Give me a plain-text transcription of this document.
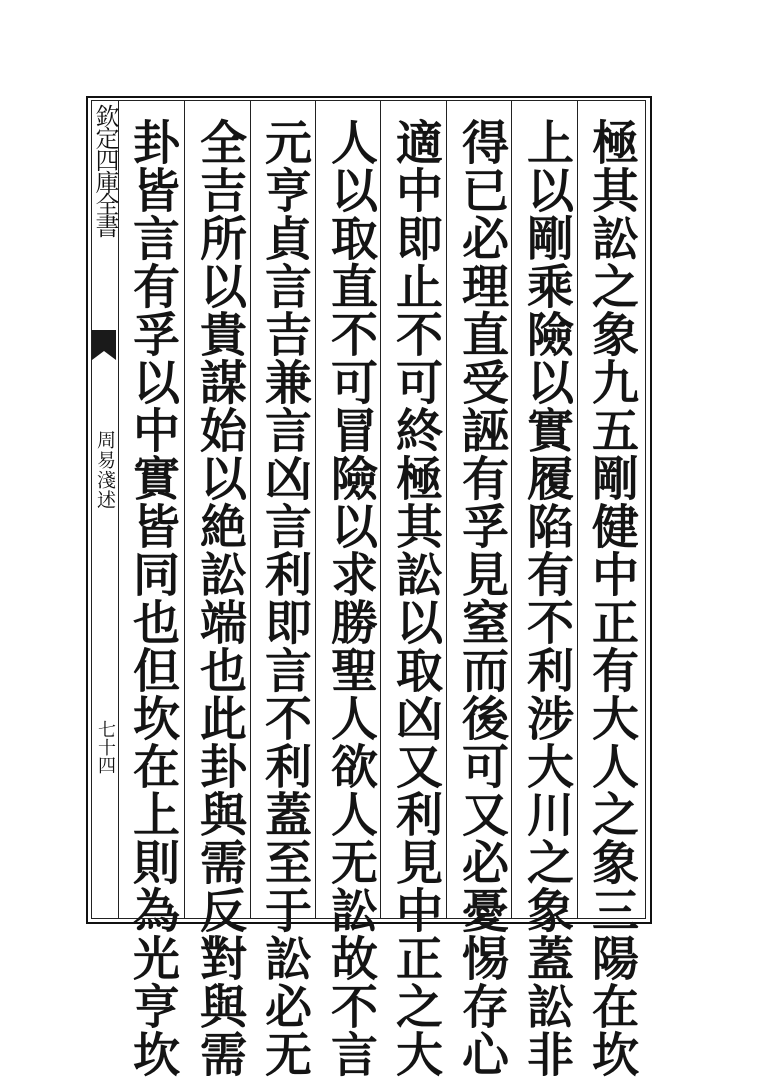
欽定四庫全書
周易淺述
七十四	極其訟之象九五剛健中正有大人之象三陽在坎
上以剛乘險以實履陷有不利涉大川之象蓋訟非
得已必理直受誣有孚見窒而後可又必憂惕存心
適中即止不可終極其訟以取凶又利見中正之大
人以取直不可冒險以求勝聖人欲人无訟故不言
元亨貞言吉兼言凶言利即言不利蓋至于訟必无
全吉所以貴謀始以絶訟端也此卦與需反對與需
卦皆言有孚以中實皆同也但坎在上則為光亨坎
